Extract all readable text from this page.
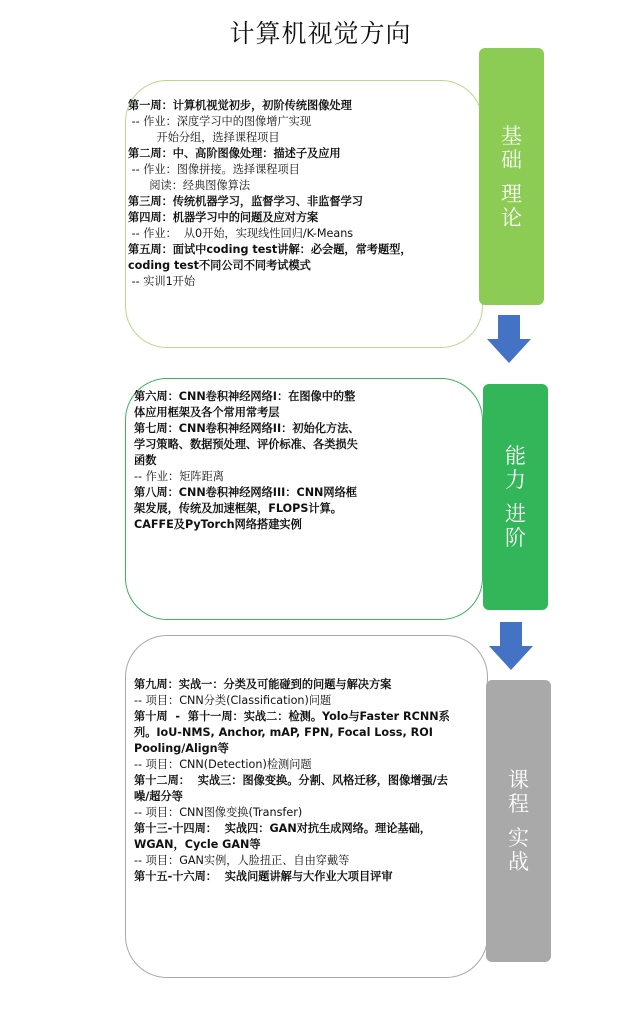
计算机视觉方向
第一周：计算机视觉初步，初阶传统图像处理
-- 作业：深度学习中的图像增广实现
开始分组，选择课程项目
第二周：中、高阶图像处理：描述子及应用
-- 作业：图像拼接。选择课程项目
阅读：经典图像算法
第三周：传统机器学习，监督学习、非监督学习
第四周：机器学习中的问题及应对方案
-- 作业：  从0开始，实现线性回归/K-Means
第五周：面试中coding test讲解：必会题，常考题型，coding test不同公司不同考试模式
-- 实训1开始
基
础
理
论
第六周：CNN卷积神经网络I：在图像中的整体应用框架及各个常用常考层
第七周：CNN卷积神经网络II：初始化方法、学习策略、数据预处理、评价标准、各类损失函数
-- 作业：矩阵距离
第八周：CNN卷积神经网络III：CNN网络框架发展，传统及加速框架，FLOPS计算。CAFFE及PyTorch网络搭建实例
能
力
进
阶
第九周：实战一：分类及可能碰到的问题与解决方案
-- 项目：CNN分类(Classification)问题
第十周  -  第十一周：实战二：检测。Yolo与Faster RCNN系列。IoU-NMS, Anchor, mAP, FPN, Focal Loss, ROI Pooling/Align等
-- 项目：CNN(Detection)检测问题
第十二周：  实战三：图像变换。分割、风格迁移，图像增强/去噪/超分等
-- 项目：CNN图像变换(Transfer)
第十三-十四周：  实战四：GAN对抗生成网络。理论基础，WGAN，Cycle GAN等
-- 项目：GAN实例，人脸扭正、自由穿戴等
第十五-十六周：  实战问题讲解与大作业大项目评审
课
程
实
战
